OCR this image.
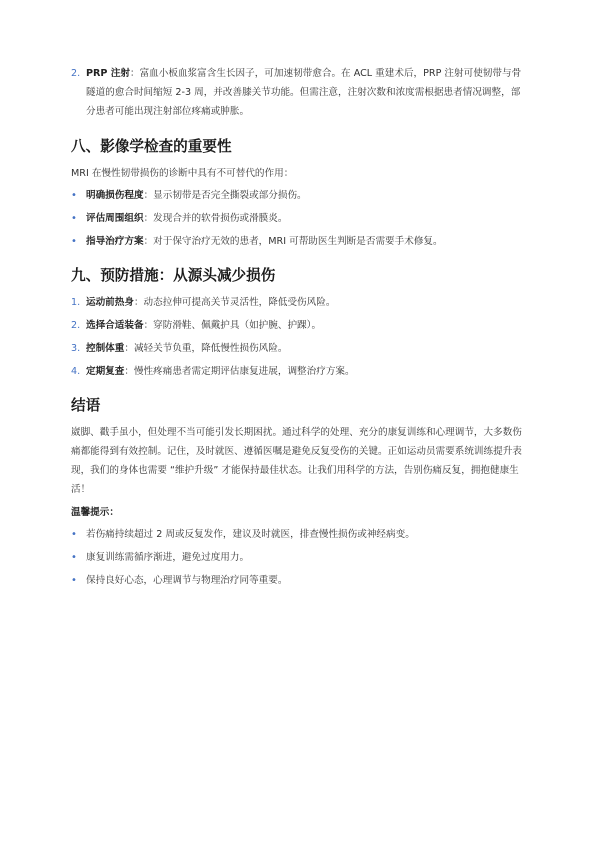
2. PRP 注射：富血小板血浆富含生长因子，可加速韧带愈合。在 ACL 重建术后，PRP 注射可使韧带与骨隧道的愈合时间缩短 2-3 周，并改善膝关节功能。但需注意，注射次数和浓度需根据患者情况调整，部分患者可能出现注射部位疼痛或肿胀。
八、影像学检查的重要性

MRI 在慢性韧带损伤的诊断中具有不可替代的作用：

• 明确损伤程度：显示韧带是否完全撕裂或部分损伤。
• 评估周围组织：发现合并的软骨损伤或滑膜炎。
• 指导治疗方案：对于保守治疗无效的患者，MRI 可帮助医生判断是否需要手术修复。
九、预防措施：从源头减少损伤
1. 运动前热身：动态拉伸可提高关节灵活性，降低受伤风险。
2. 选择合适装备：穿防滑鞋、佩戴护具（如护腕、护踝）。
3. 控制体重：减轻关节负重，降低慢性损伤风险。
4. 定期复查：慢性疼痛患者需定期评估康复进展，调整治疗方案。
结语

崴脚、戳手虽小，但处理不当可能引发长期困扰。通过科学的处理、充分的康复训练和心理调节，大多数伤痛都能得到有效控制。记住，及时就医、遵循医嘱是避免反复受伤的关键。正如运动员需要系统训练提升表现，我们的身体也需要 “维护升级” 才能保持最佳状态。让我们用科学的方法，告别伤痛反复，拥抱健康生活！

温馨提示：

• 若伤痛持续超过 2 周或反复发作，建议及时就医，排查慢性损伤或神经病变。
• 康复训练需循序渐进，避免过度用力。
• 保持良好心态，心理调节与物理治疗同等重要。
